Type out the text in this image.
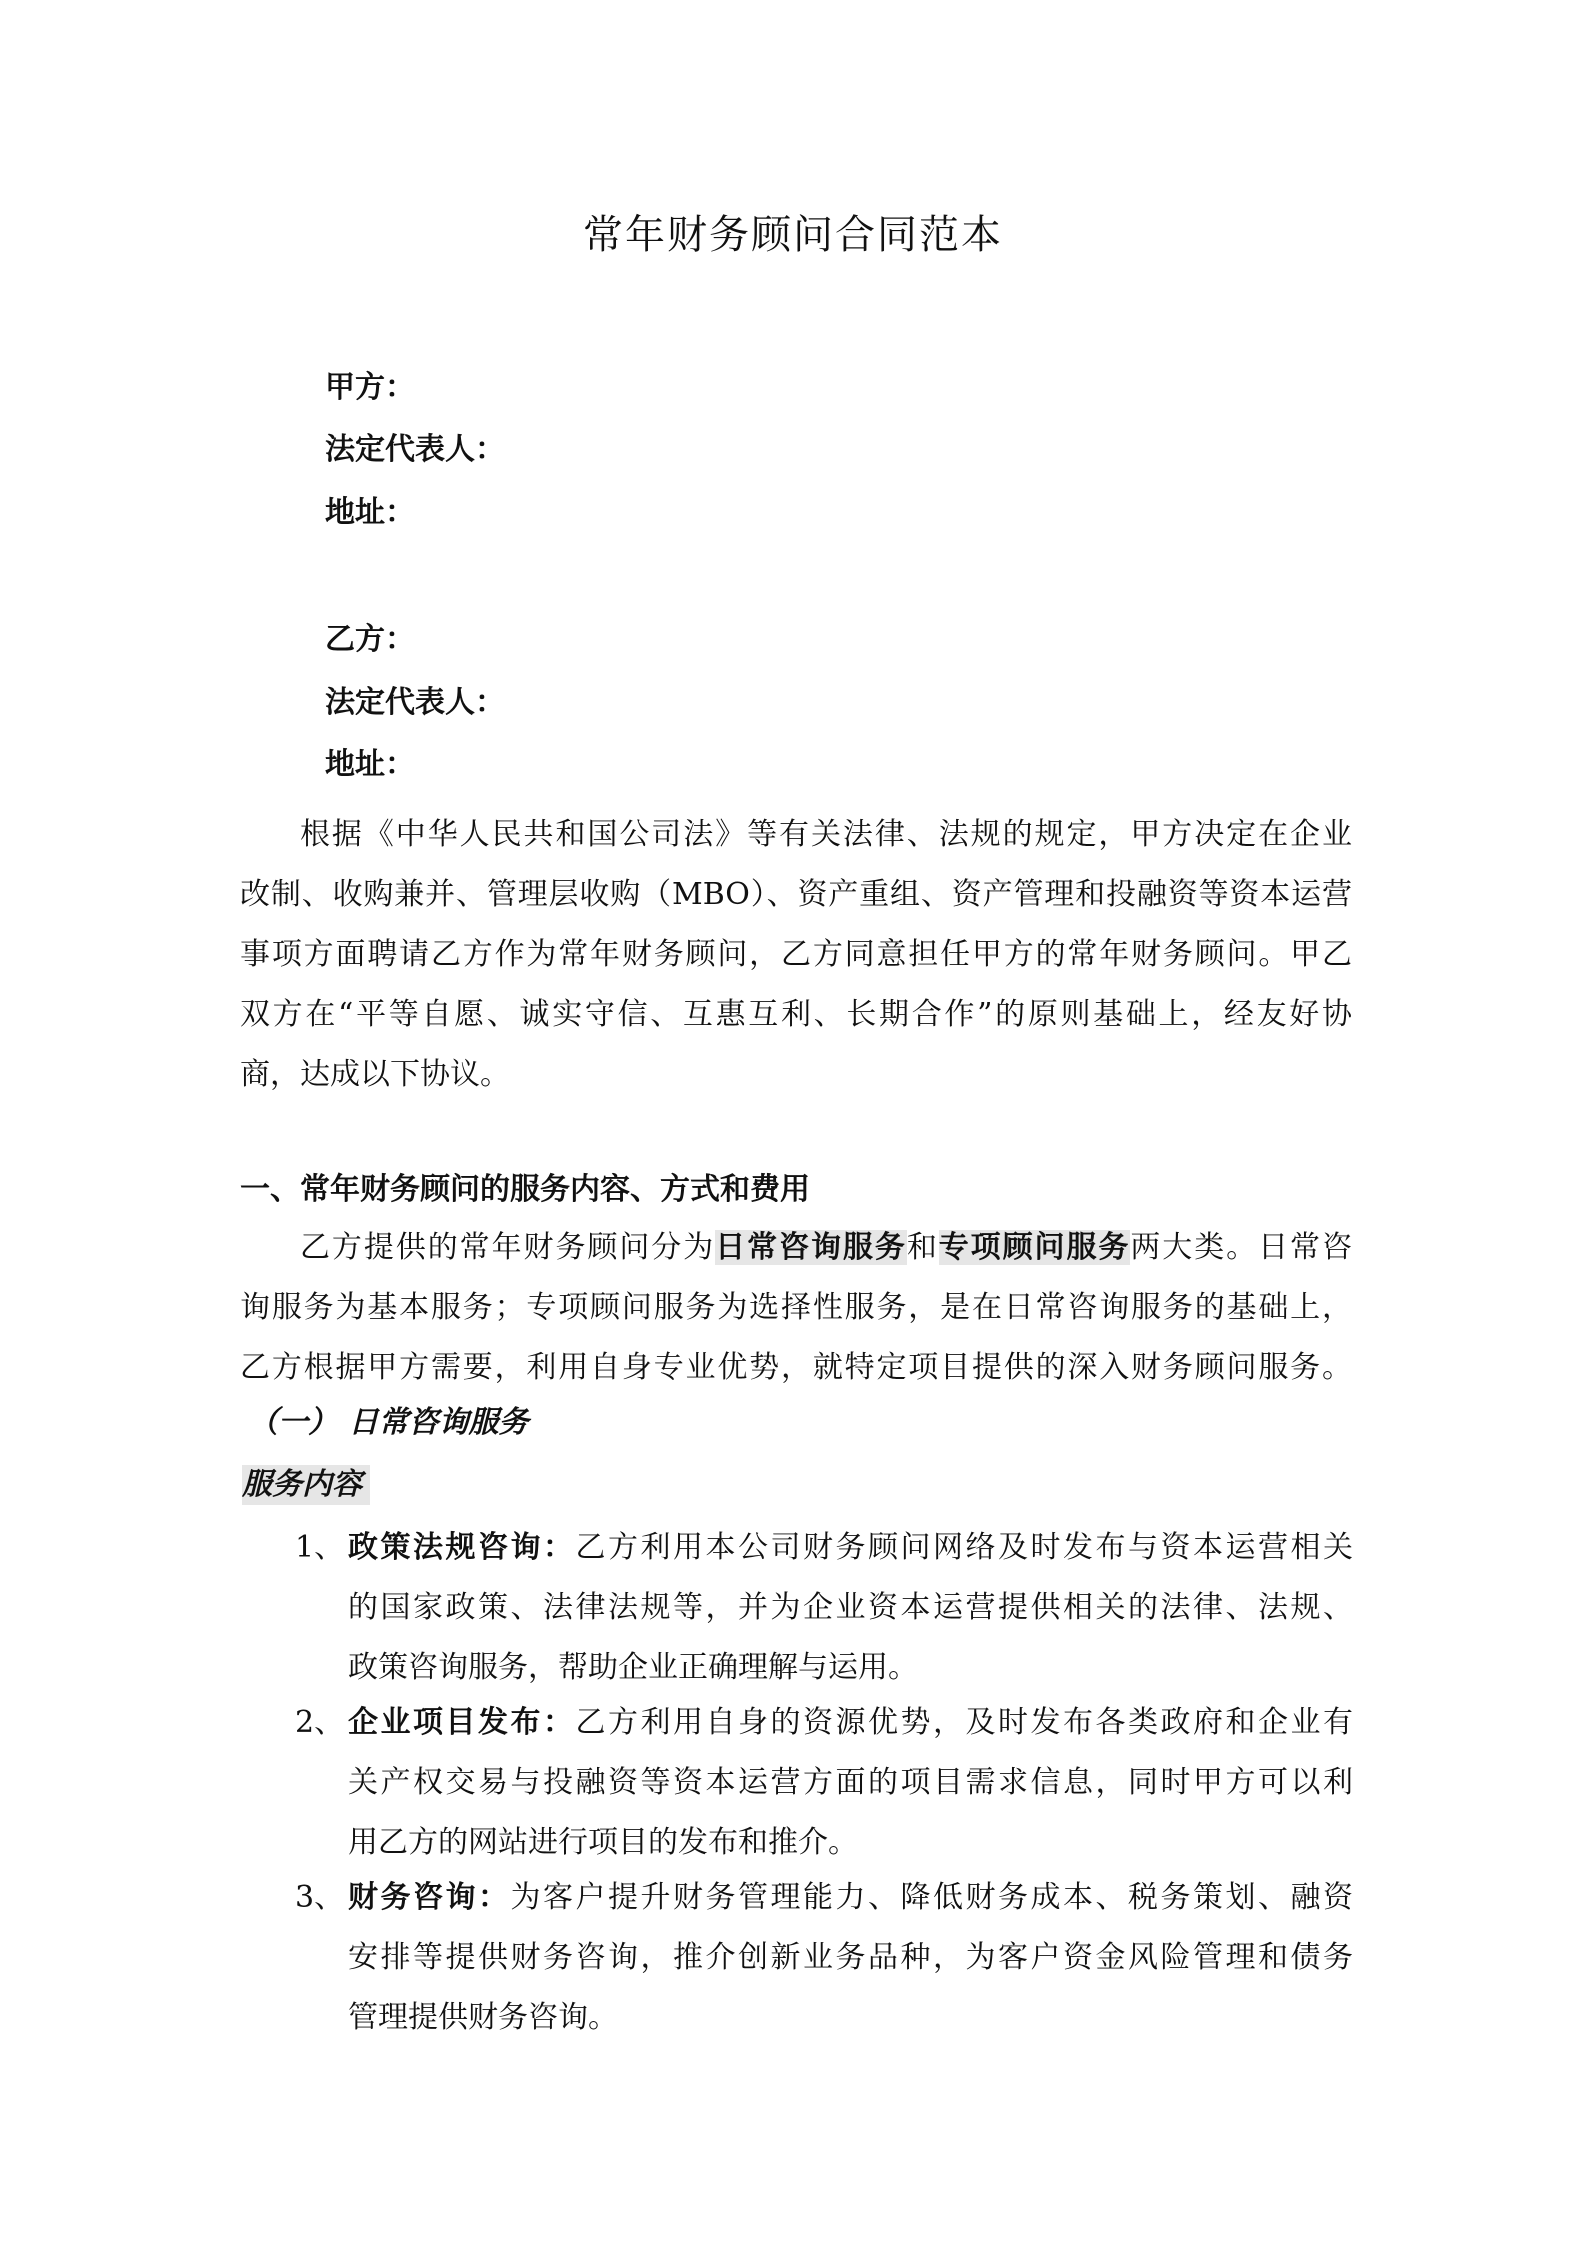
常年财务顾问合同范本
甲方：
法定代表人：
地址：
乙方：
法定代表人：
地址：
根据《中华人民共和国公司法》等有关法律、法规的规定，甲方决定在企业
改制、收购兼并、管理层收购（MBO）、资产重组、资产管理和投融资等资本运营
事项方面聘请乙方作为常年财务顾问，乙方同意担任甲方的常年财务顾问。甲乙
双方在“平等自愿、诚实守信、互惠互利、长期合作”的原则基础上，经友好协
商，达成以下协议。
一、常年财务顾问的服务内容、方式和费用
乙方提供的常年财务顾问分为日常咨询服务和专项顾问服务两大类。日常咨
询服务为基本服务；专项顾问服务为选择性服务，是在日常咨询服务的基础上，
乙方根据甲方需要，利用自身专业优势，就特定项目提供的深入财务顾问服务。
（一） 日常咨询服务
服务内容
1、 政策法规咨询：乙方利用本公司财务顾问网络及时发布与资本运营相关
的国家政策、法律法规等，并为企业资本运营提供相关的法律、法规、
政策咨询服务，帮助企业正确理解与运用。
2、 企业项目发布：乙方利用自身的资源优势，及时发布各类政府和企业有
关产权交易与投融资等资本运营方面的项目需求信息，同时甲方可以利
用乙方的网站进行项目的发布和推介。
3、 财务咨询：为客户提升财务管理能力、降低财务成本、税务策划、融资
安排等提供财务咨询，推介创新业务品种，为客户资金风险管理和债务
管理提供财务咨询。
